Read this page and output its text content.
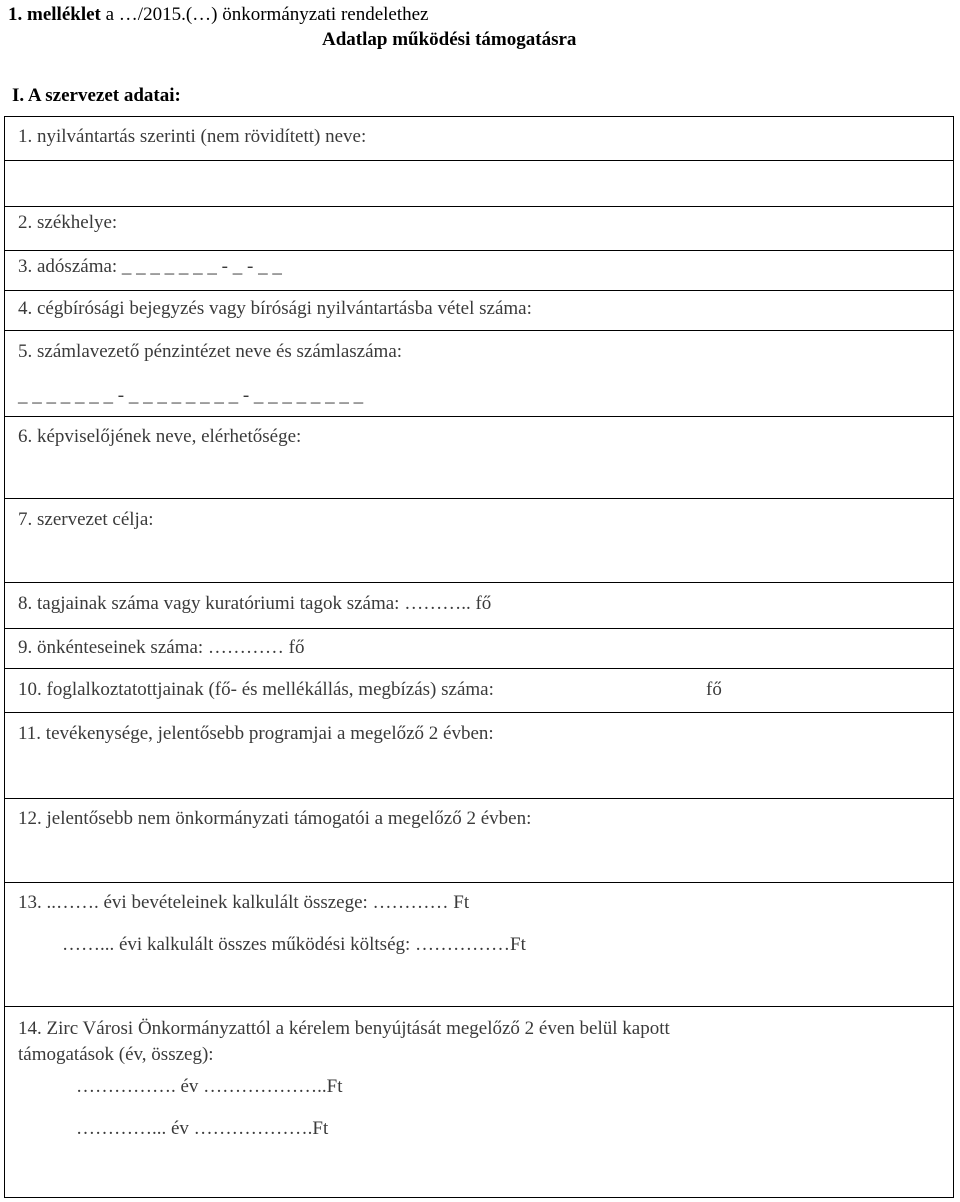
1. melléklet a …/2015.(…) önkormányzati rendelethez
Adatlap működési támogatásra
I. A szervezet adatai:
1. nyilvántartás szerinti (nem rövidített) neve:
2. székhelye:
3. adószáma: _ _ _ _ _ _ _ - _ - _ _
4. cégbírósági bejegyzés vagy bírósági nyilvántartásba vétel száma:
5. számlavezető pénzintézet neve és számlaszáma:
_ _ _ _ _ _ _ - _ _ _ _ _ _ _ _ - _ _ _ _ _ _ _ _
6. képviselőjének neve, elérhetősége:
7. szervezet célja:
8. tagjainak száma vagy kuratóriumi tagok száma: ……….. fő
9. önkénteseinek száma: ………… fő
10. foglalkoztatottjainak (fő- és mellékállás, megbízás) száma:	fő
11. tevékenysége, jelentősebb programjai a megelőző 2 évben:
12. jelentősebb nem önkormányzati támogatói a megelőző 2 évben:
13. ..……. évi bevételeinek kalkulált összege: ………… Ft
……... évi kalkulált összes működési költség: ……………Ft
14. Zirc Városi Önkormányzattól a kérelem benyújtását megelőző 2 éven belül kapott
támogatások (év, összeg):
……………. év ………………..Ft
…………... év ……………….Ft
